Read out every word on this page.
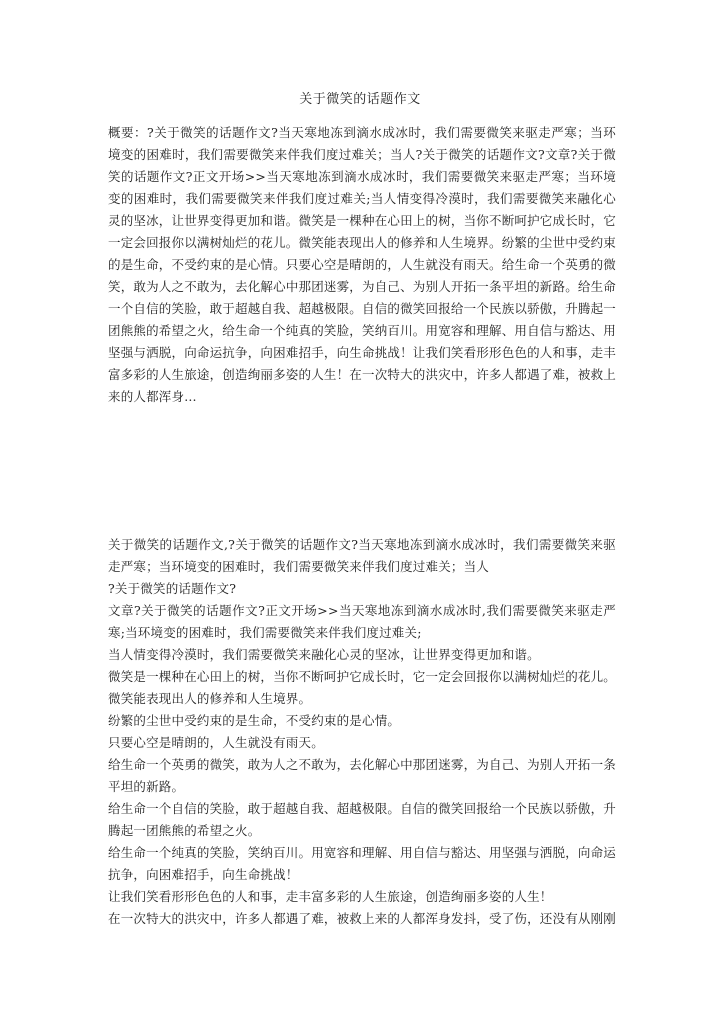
关于微笑的话题作文
概要：?关于微笑的话题作文?当天寒地冻到滴水成冰时，我们需要微笑来驱走严寒；当环境变的困难时，我们需要微笑来伴我们度过难关；当人?关于微笑的话题作文?文章?关于微笑的话题作文?正文开场>>当天寒地冻到滴水成冰时，我们需要微笑来驱走严寒；当环境变的困难时，我们需要微笑来伴我们度过难关;当人情变得冷漠时，我们需要微笑来融化心灵的坚冰，让世界变得更加和谐。微笑是一棵种在心田上的树，当你不断呵护它成长时，它一定会回报你以满树灿烂的花儿。微笑能表现出人的修养和人生境界。纷繁的尘世中受约束的是生命，不受约束的是心情。只要心空是晴朗的，人生就没有雨天。给生命一个英勇的微笑，敢为人之不敢为，去化解心中那团迷雾，为自己、为别人开拓一条平坦的新路。给生命一个自信的笑脸，敢于超越自我、超越极限。自信的微笑回报给一个民族以骄傲，升腾起一团熊熊的希望之火，给生命一个纯真的笑脸，笑纳百川。用宽容和理解、用自信与豁达、用坚强与洒脱，向命运抗争，向困难招手，向生命挑战！让我们笑看形形色色的人和事，走丰富多彩的人生旅途，创造绚丽多姿的人生！在一次特大的洪灾中，许多人都遇了难，被救上来的人都浑身...

关于微笑的话题作文,?关于微笑的话题作文?当天寒地冻到滴水成冰时，我们需要微笑来驱走严寒；当环境变的困难时，我们需要微笑来伴我们度过难关；当人

?关于微笑的话题作文?

文章?关于微笑的话题作文?正文开场>>当天寒地冻到滴水成冰时,我们需要微笑来驱走严寒;当环境变的困难时，我们需要微笑来伴我们度过难关;

当人情变得冷漠时，我们需要微笑来融化心灵的坚冰，让世界变得更加和谐。

微笑是一棵种在心田上的树，当你不断呵护它成长时，它一定会回报你以满树灿烂的花儿。

微笑能表现出人的修养和人生境界。

纷繁的尘世中受约束的是生命，不受约束的是心情。

只要心空是晴朗的，人生就没有雨天。

给生命一个英勇的微笑，敢为人之不敢为，去化解心中那团迷雾，为自己、为别人开拓一条平坦的新路。

给生命一个自信的笑脸，敢于超越自我、超越极限。自信的微笑回报给一个民族以骄傲，升腾起一团熊熊的希望之火。

给生命一个纯真的笑脸，笑纳百川。用宽容和理解、用自信与豁达、用坚强与洒脱，向命运抗争，向困难招手，向生命挑战！

让我们笑看形形色色的人和事，走丰富多彩的人生旅途，创造绚丽多姿的人生！

在一次特大的洪灾中，许多人都遇了难，被救上来的人都浑身发抖，受了伤，还没有从刚刚
